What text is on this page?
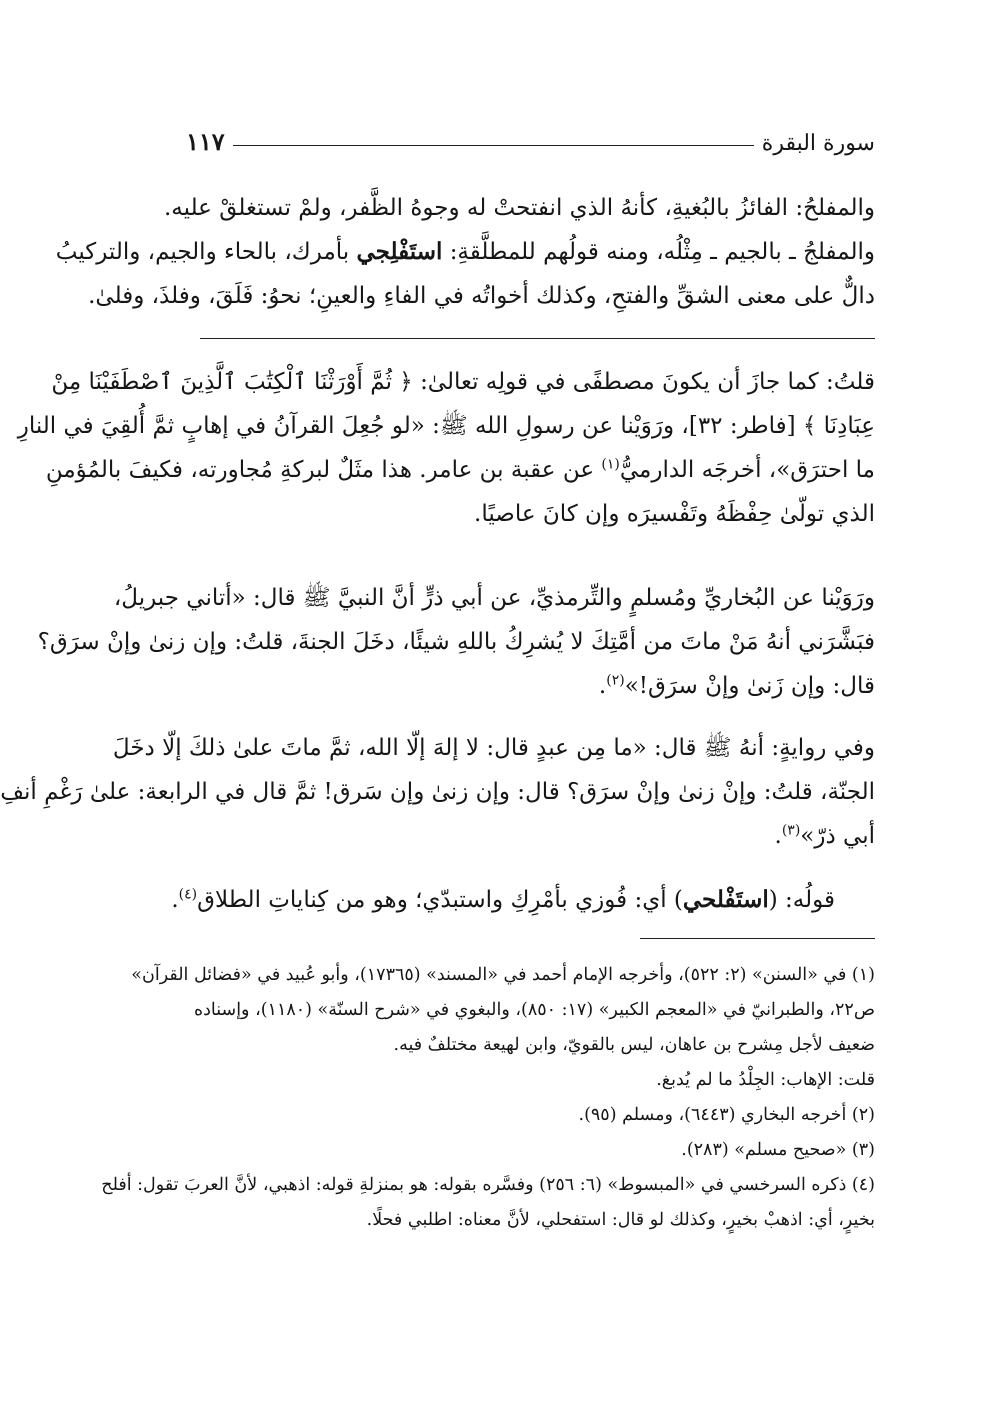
سورة البقرة
١١٧
والمفلحُ: الفائزُ بالبُغيةِ، كأنهُ الذي انفتحتْ له وجوهُ الظَّفر، ولمْ تستغلقْ عليه.
والمفلجُ ـ بالجيم ـ مِثْلُه، ومنه قولُهم للمطلَّقةِ: استَفْلِجي بأمرك، بالحاء والجيم، والتركيبُ
دالٌّ على معنى الشقِّ والفتحِ، وكذلك أخواتُه في الفاءِ والعينِ؛ نحوُ: فَلَقَ، وفلذَ، وفلىٰ.
قلتُ: كما جازَ أن يكونَ مصطفًى في قولِه تعالىٰ: ﴿ ثُمَّ أَوْرَثْنَا ٱلْكِتَٰبَ ٱلَّذِينَ ٱصْطَفَيْنَا مِنْ
عِبَادِنَا ﴾ [فاطر: ٣٢]، ورَوَيْنا عن رسولِ الله ﷺ: «لو جُعِلَ القرآنُ في إهابٍ ثمَّ أُلقِيَ في النارِ
ما احترَق»، أخرجَه الدارميُّ$^{(١)}$ عن عقبة بن عامر. هذا مثَلٌ لبركةِ مُجاورته، فكيفَ بالمُؤمنِ
الذي تولّىٰ حِفْظَهُ وتَفْسيرَه وإن كانَ عاصيًا.
ورَوَيْنا عن البُخاريِّ ومُسلمٍ والتِّرمذيِّ، عن أبي ذرٍّ أنَّ النبيَّ ﷺ قال: «أتاني جبريلُ،
فبَشَّرَني أنهُ مَنْ ماتَ من أمَّتِكَ لا يُشرِكُ باللهِ شيئًا، دخَلَ الجنةَ، قلتُ: وإن زنىٰ وإنْ سرَق؟
قال: وإن زَنىٰ وإنْ سرَق!»$^{(٢)}$.
وفي روايةٍ: أنهُ ﷺ قال: «ما مِن عبدٍ قال: لا إلهَ إلّا الله، ثمَّ ماتَ علىٰ ذلكَ إلّا دخَلَ
الجنّة، قلتُ: وإنْ زنىٰ وإنْ سرَق؟ قال: وإن زنىٰ وإن سَرق! ثمَّ قال في الرابعة: علىٰ رَغْمِ أنفِ
أبي ذرّ»$^{(٣)}$.
قولُه: (استَفْلحي) أي: فُوزي بأمْرِكِ واستبدّي؛ وهو من كِناياتِ الطلاق$^{(٤)}$.
(١) في «السنن» (٢: ٥٢٢)، وأخرجه الإمام أحمد في «المسند» (١٧٣٦٥)، وأبو عُبيد في «فضائل القرآن»
ص٢٢، والطبرانيّ في «المعجم الكبير» (١٧: ٨٥٠)، والبغوي في «شرح السنّة» (١١٨٠)، وإسناده
ضعيف لأجل مِشرح بن عاهان، ليس بالقويّ، وابن لهيعة مختلفٌ فيه.
قلت: الإهاب: الجِلْدُ ما لم يُدبغ.
(٢) أخرجه البخاري (٦٤٤٣)، ومسلم (٩٥).
(٣) «صحيح مسلم» (٢٨٣).
(٤) ذكره السرخسي في «المبسوط» (٦: ٢٥٦) وفسَّره بقوله: هو بمنزلةِ قوله: اذهبي، لأنَّ العربَ تقول: أفلح
بخيرٍ، أي: اذهبْ بخيرٍ، وكذلك لو قال: استفحلي، لأنَّ معناه: اطلبي فحلًا.
